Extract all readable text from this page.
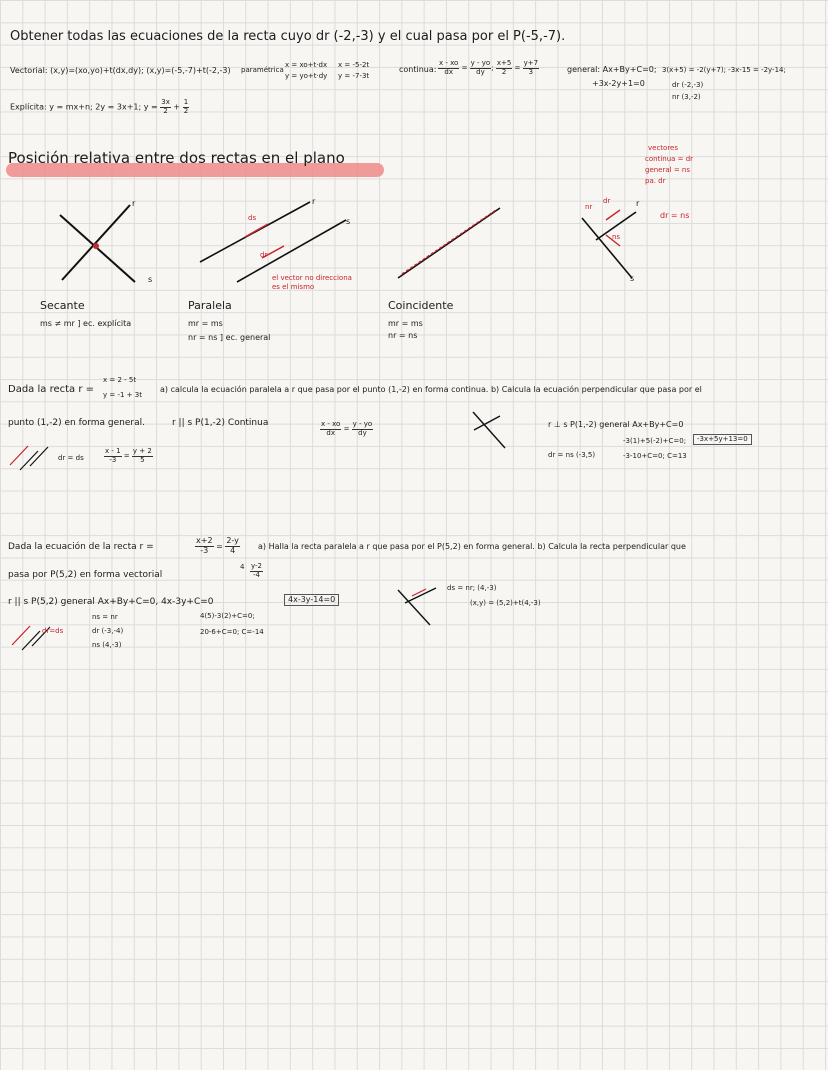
Obtener todas las ecuaciones de la recta cuyo dr (-2,-3) y el cual pasa por el P(-5,-7).
Vectorial: (x,y)=(xo,yo)+t(dx,dy); (x,y)=(-5,-7)+t(-2,-3) paramétrica
x = xo+t·dx
y = yo+t·dy
x = -5-2t
y = -7-3t
continua: $\frac{x - xo}{dx} = \frac{y - yo}{dy}$ ; $\frac{x+5}{2} = \frac{y+7}{3}$	general: Ax+By+C=0; 3(x+5) = -2(y+7); -3x-15 = -2y-14;
+3x-2y+1=0	dr (-2,-3)
nr (3,-2)
Explícita: y = mx+n; 2y = 3x+1; $y = \frac{3x}{2} + \frac{1}{2}$
Posición relativa entre dos rectas en el plano
vectores
continua = dr
general = ns
pa. dr
r
s
ds
dr
r
s
el vector no direcciona
es el mismo
nr
dr
ns
r
s
dr = ns
Secante
ms ≠ mr ] ec. explícita
Paralela
mr = ms
nr = ns ] ec. general
Coincidente
mr = ms
nr = ns
Dada la recta r =
x = 2 - 5t
y = -1 + 3t
a) calcula la ecuación paralela a r que pasa por el punto (1,-2) en forma continua. b) Calcula la ecuación perpendicular que pasa por el
punto (1,-2) en forma general.	r || s P(1,-2) Continua	$\frac{x - xo}{dx} = \frac{y - yo}{dy}$
dr = ds	$\frac{x - 1}{-3} = \frac{y + 2}{5}$
r ⊥ s P(1,-2) general Ax+By+C=0
dr = ns (-3,5)
-3(1)+5(-2)+C=0;	-3x+5y+13=0
-3-10+C=0; C=13
Dada la ecuación de la recta r =	$\frac{x+2}{-3} = \frac{2-y}{4} a$) Halla la recta paralela a r que pasa por el P(5,2) en forma general. b) Calcula la recta perpendicular que
$4 \frac{y-2}{-4}$
pasa por P(5,2) en forma vectorial
r || s P(5,2) general Ax+By+C=0, 4x-3y+C=0	4x-3y-14=0
ns = nr	4(5)-3(2)+C=0;
dr (-3,-4)	20-6+C=0; C=-14
ns (4,-3)
dr=ds
ds = nr; (4,-3)
(x,y) = (5,2)+t(4,-3)
